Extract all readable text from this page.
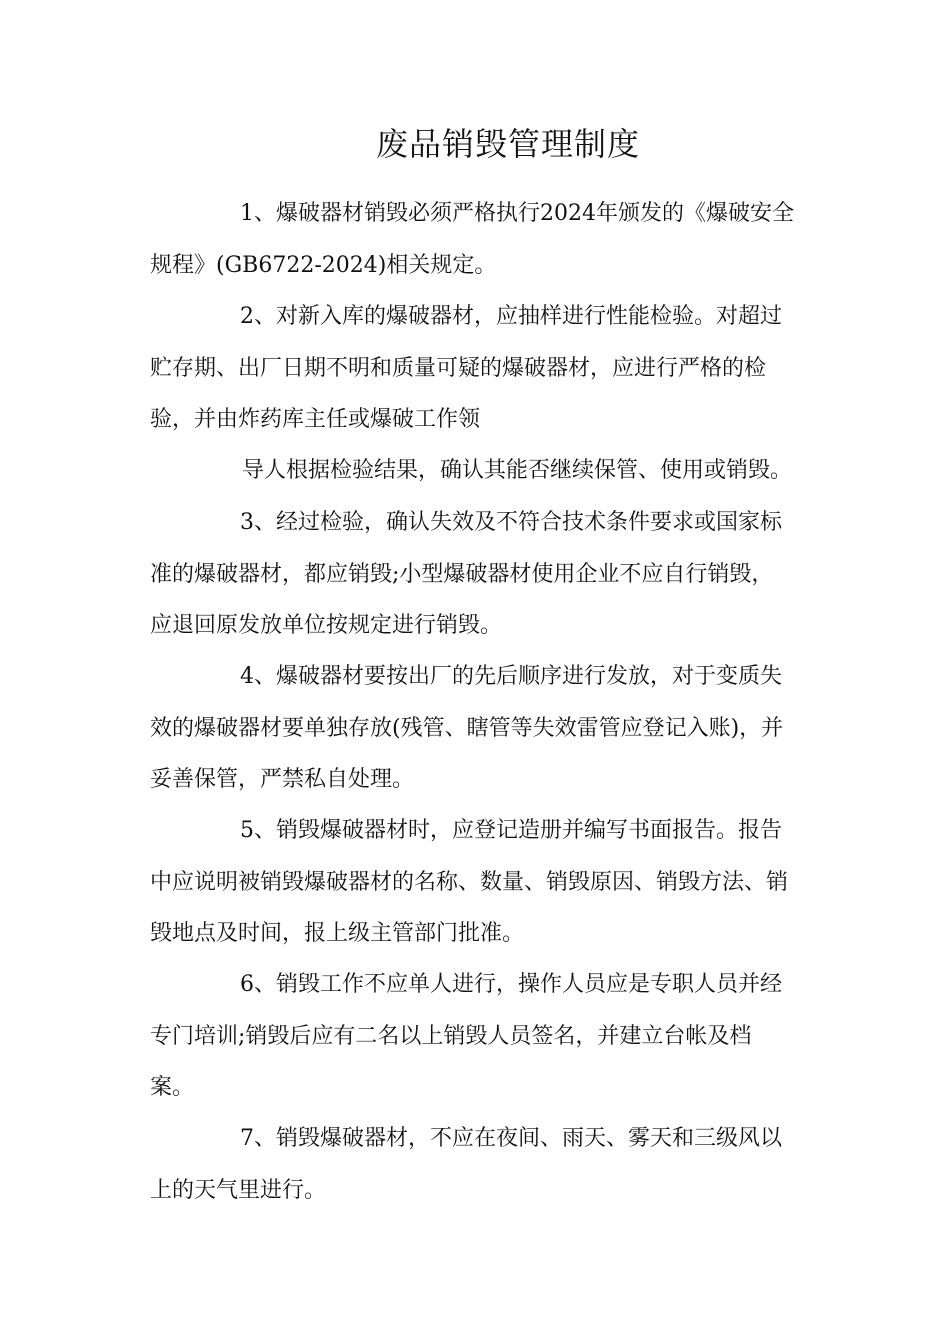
废品销毁管理制度
1、爆破器材销毁必须严格执行2024年颁发的《爆破安全
规程》(GB6722-2024)相关规定。
2、对新入库的爆破器材，应抽样进行性能检验。对超过
贮存期、出厂日期不明和质量可疑的爆破器材，应进行严格的检
验，并由炸药库主任或爆破工作领
导人根据检验结果，确认其能否继续保管、使用或销毁。
3、经过检验，确认失效及不符合技术条件要求或国家标
准的爆破器材，都应销毁;小型爆破器材使用企业不应自行销毁，
应退回原发放单位按规定进行销毁。
4、爆破器材要按出厂的先后顺序进行发放，对于变质失
效的爆破器材要单独存放(残管、瞎管等失效雷管应登记入账)，并
妥善保管，严禁私自处理。
5、销毁爆破器材时，应登记造册并编写书面报告。报告
中应说明被销毁爆破器材的名称、数量、销毁原因、销毁方法、销
毁地点及时间，报上级主管部门批准。
6、销毁工作不应单人进行，操作人员应是专职人员并经
专门培训;销毁后应有二名以上销毁人员签名，并建立台帐及档
案。
7、销毁爆破器材，不应在夜间、雨天、雾天和三级风以
上的天气里进行。
